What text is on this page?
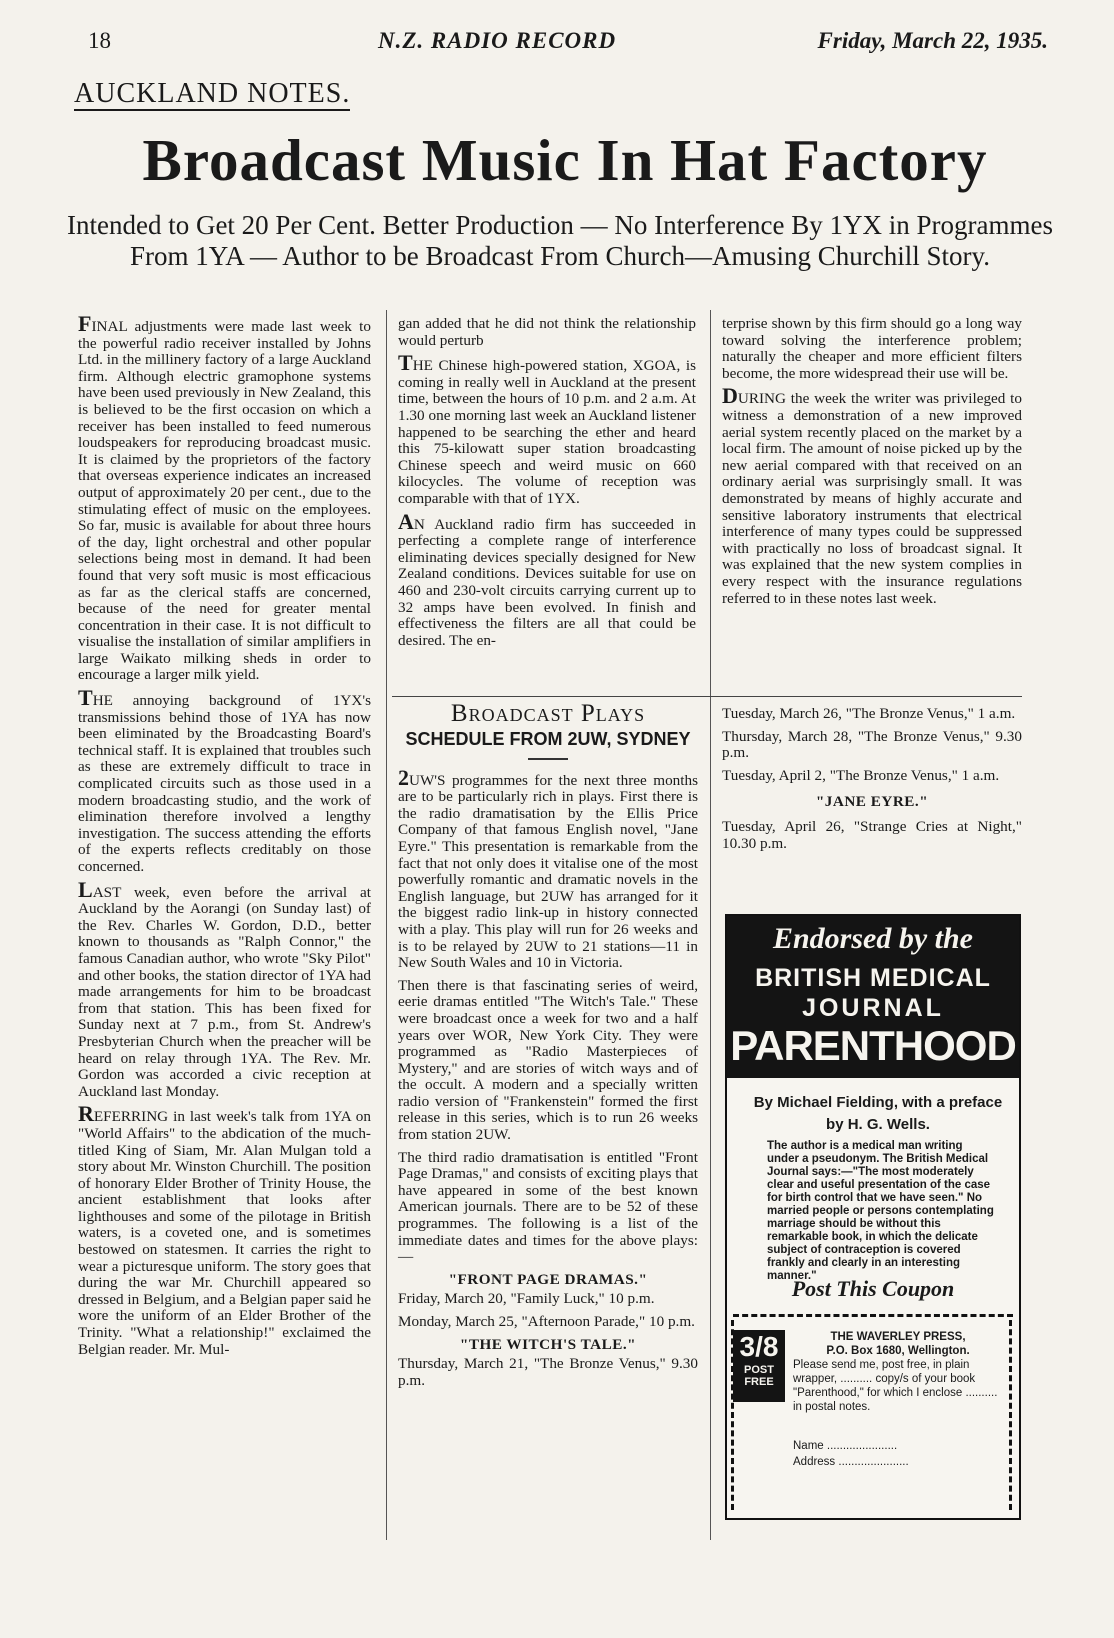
18	N.Z. RADIO RECORD	Friday, March 22, 1935.
AUCKLAND NOTES.
Broadcast Music In Hat Factory
Intended to Get 20 Per Cent. Better Production — No Interference By 1YX in Programmes From 1YA — Author to be Broadcast From Church—Amusing Churchill Story.

FINAL adjustments were made last week to the powerful radio receiver installed by Johns Ltd. in the millinery factory of a large Auckland firm. Although electric gramophone systems have been used previously in New Zealand, this is believed to be the first occasion on which a receiver has been installed to feed numerous loudspeakers for reproducing broadcast music. It is claimed by the proprietors of the factory that overseas experience indicates an increased output of approximately 20 per cent., due to the stimulating effect of music on the employees. So far, music is available for about three hours of the day, light orchestral and other popular selections being most in demand. It had been found that very soft music is most efficacious as far as the clerical staffs are concerned, because of the need for greater mental concentration in their case. It is not difficult to visualise the installation of similar amplifiers in large Waikato milking sheds in order to encourage a larger milk yield.

THE annoying background of 1YX's transmissions behind those of 1YA has now been eliminated by the Broadcasting Board's technical staff. It is explained that troubles such as these are extremely difficult to trace in complicated circuits such as those used in a modern broadcasting studio, and the work of elimination therefore involved a lengthy investigation. The success attending the efforts of the experts reflects creditably on those concerned.

LAST week, even before the arrival at Auckland by the Aorangi (on Sunday last) of the Rev. Charles W. Gordon, D.D., better known to thousands as "Ralph Connor," the famous Canadian author, who wrote "Sky Pilot" and other books, the station director of 1YA had made arrangements for him to be broadcast from that station. This has been fixed for Sunday next at 7 p.m., from St. Andrew's Presbyterian Church when the preacher will be heard on relay through 1YA. The Rev. Mr. Gordon was accorded a civic reception at Auckland last Monday.

REFERRING in last week's talk from 1YA on "World Affairs" to the abdication of the much-titled King of Siam, Mr. Alan Mulgan told a story about Mr. Winston Churchill. The position of honorary Elder Brother of Trinity House, the ancient establishment that looks after lighthouses and some of the pilotage in British waters, is a coveted one, and is sometimes bestowed on statesmen. It carries the right to wear a picturesque uniform. The story goes that during the war Mr. Churchill appeared so dressed in Belgium, and a Belgian paper said he wore the uniform of an Elder Brother of the Trinity. "What a relationship!" exclaimed the Belgian reader. Mr. Mul-

gan added that he did not think the relationship would perturb

THE Chinese high-powered station, XGOA, is coming in really well in Auckland at the present time, between the hours of 10 p.m. and 2 a.m. At 1.30 one morning last week an Auckland listener happened to be searching the ether and heard this 75-kilowatt super station broadcasting Chinese speech and weird music on 660 kilocycles. The volume of reception was comparable with that of 1YX.

AN Auckland radio firm has succeeded in perfecting a complete range of interference eliminating devices specially designed for New Zealand conditions. Devices suitable for use on 460 and 230-volt circuits carrying current up to 32 amps have been evolved. In finish and effectiveness the filters are all that could be desired. The en-

terprise shown by this firm should go a long way toward solving the interference problem; naturally the cheaper and more efficient filters become, the more widespread their use will be.

DURING the week the writer was privileged to witness a demonstration of a new improved aerial system recently placed on the market by a local firm. The amount of noise picked up by the new aerial compared with that received on an ordinary aerial was surprisingly small. It was demonstrated by means of highly accurate and sensitive laboratory instruments that electrical interference of many types could be suppressed with practically no loss of broadcast signal. It was explained that the new system complies in every respect with the insurance regulations referred to in these notes last week.

Broadcast Plays
SCHEDULE FROM 2UW, SYDNEY

2UW'S programmes for the next three months are to be particularly rich in plays. First there is the radio dramatisation by the Ellis Price Company of that famous English novel, "Jane Eyre." This presentation is remarkable from the fact that not only does it vitalise one of the most powerfully romantic and dramatic novels in the English language, but 2UW has arranged for it the biggest radio link-up in history connected with a play. This play will run for 26 weeks and is to be relayed by 2UW to 21 stations—11 in New South Wales and 10 in Victoria.

Then there is that fascinating series of weird, eerie dramas entitled "The Witch's Tale." These were broadcast once a week for two and a half years over WOR, New York City. They were programmed as "Radio Masterpieces of Mystery," and are stories of witch ways and of the occult. A modern and a specially written radio version of "Frankenstein" formed the first release in this series, which is to run 26 weeks from station 2UW.

The third radio dramatisation is entitled "Front Page Dramas," and consists of exciting plays that have appeared in some of the best known American journals. There are to be 52 of these programmes. The following is a list of the immediate dates and times for the above plays:—

"FRONT PAGE DRAMAS."

Friday, March 20, "Family Luck," 10 p.m.

Monday, March 25, "Afternoon Parade," 10 p.m.

"THE WITCH'S TALE."

Thursday, March 21, "The Bronze Venus," 9.30 p.m.

Tuesday, March 26, "The Bronze Venus," 1 a.m.

Thursday, March 28, "The Bronze Venus," 9.30 p.m.

Tuesday, April 2, "The Bronze Venus," 1 a.m.

"JANE EYRE."

Tuesday, April 26, "Strange Cries at Night," 10.30 p.m.

Endorsed by the
BRITISH MEDICAL
JOURNAL
PARENTHOOD
By Michael Fielding, with a preface by H. G. Wells.
The author is a medical man writing under a pseudonym. The British Medical Journal says:—"The most moderately clear and useful presentation of the case for birth control that we have seen." No married people or persons contemplating marriage should be without this remarkable book, in which the delicate subject of contraception is covered frankly and clearly in an interesting manner."
Post This Coupon
3/8
POST FREE
THE WAVERLEY PRESS,
P.O. Box 1680, Wellington.
Please send me, post free, in plain wrapper, .......... copy/s of your book "Parenthood," for which I enclose .......... in postal notes.
Name ......................
Address ......................
